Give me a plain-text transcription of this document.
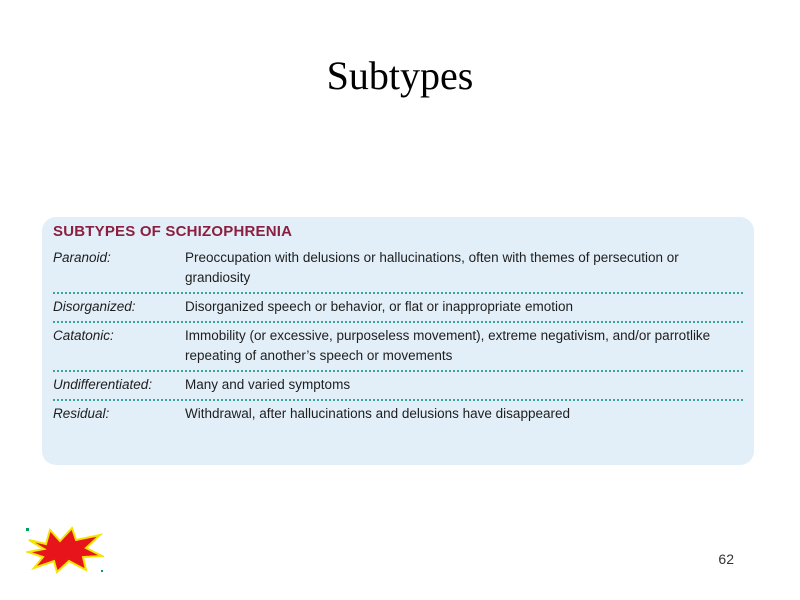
Subtypes
SUBTYPES OF SCHIZOPHRENIA
Paranoid:	Preoccupation with delusions or hallucinations, often with themes of persecution or grandiosity
Disorganized:	Disorganized speech or behavior, or flat or inappropriate emotion
Catatonic:	Immobility (or excessive, purposeless movement), extreme negativism, and/or parrotlike repeating of another’s speech or movements
Undifferentiated:	Many and varied symptoms
Residual:	Withdrawal, after hallucinations and delusions have disappeared
62
